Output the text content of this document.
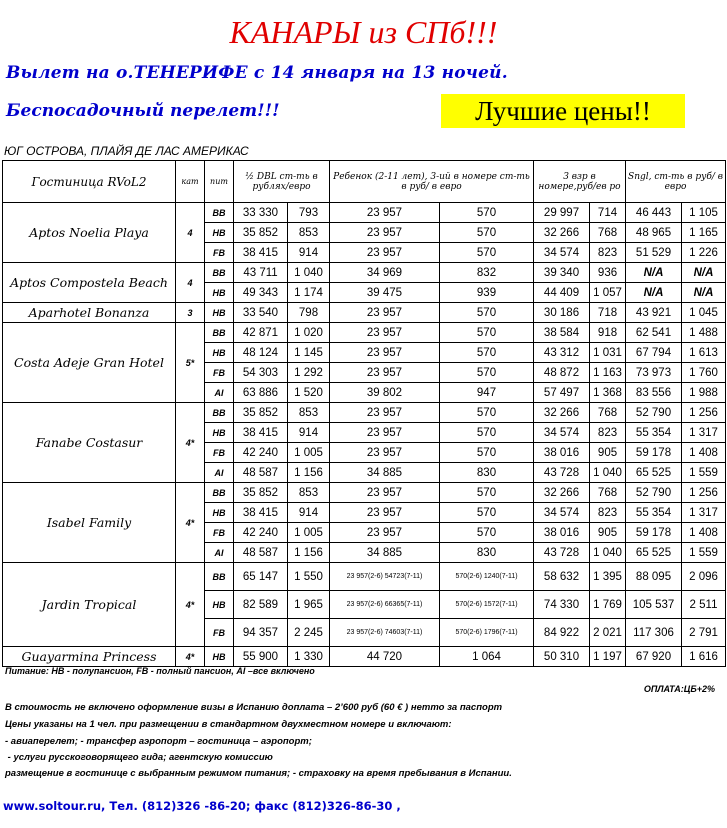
КАНАРЫ из СПб!!!
Вылет на о.ТЕНЕРИФЕ с 14 января на 13 ночей.
Беспосадочный перелет!!!	Лучшие цены!!
ЮГ ОСТРОВА, ПЛАЙЯ ДЕ ЛАС АМЕРИКАС
Гостиница RVoL2	кат	пит	½ DBL ст-ть в рублях/евро		Ребенок (2-11 лет), 3-ий в номере ст-ть в руб/ в евро		3 взр в номере,руб/ев ро		Sngl, ст-ть в руб/ в евро	
Aptos Noelia Playa	4	BB	33 330	793	23 957	570	29 997	714	46 443	1 105
		HB	35 852	853	23 957	570	32 266	768	48 965	1 165
		FB	38 415	914	23 957	570	34 574	823	51 529	1 226
Aptos Compostela Beach	4	BB	43 711	1 040	34 969	832	39 340	936	N/A	N/A
		HB	49 343	1 174	39 475	939	44 409	1 057	N/A	N/A
Aparhotel Bonanza	3	HB	33 540	798	23 957	570	30 186	718	43 921	1 045
Costa Adeje Gran Hotel	5*	BB	42 871	1 020	23 957	570	38 584	918	62 541	1 488
		HB	48 124	1 145	23 957	570	43 312	1 031	67 794	1 613
		FB	54 303	1 292	23 957	570	48 872	1 163	73 973	1 760
		AI	63 886	1 520	39 802	947	57 497	1 368	83 556	1 988
Fanabe Costasur	4*	BB	35 852	853	23 957	570	32 266	768	52 790	1 256
		HB	38 415	914	23 957	570	34 574	823	55 354	1 317
		FB	42 240	1 005	23 957	570	38 016	905	59 178	1 408
		AI	48 587	1 156	34 885	830	43 728	1 040	65 525	1 559
Isabel Family	4*	BB	35 852	853	23 957	570	32 266	768	52 790	1 256
		HB	38 415	914	23 957	570	34 574	823	55 354	1 317
		FB	42 240	1 005	23 957	570	38 016	905	59 178	1 408
		AI	48 587	1 156	34 885	830	43 728	1 040	65 525	1 559
Jardin Tropical	4*	BB	65 147	1 550	23 957(2-6) 54723(7-11)	570(2-6) 1240(7-11)	58 632	1 395	88 095	2 096
		HB	82 589	1 965	23 957(2-6) 66365(7-11)	570(2-6) 1572(7-11)	74 330	1 769	105 537	2 511
		FB	94 357	2 245	23 957(2-6) 74603(7-11)	570(2-6) 1796(7-11)	84 922	2 021	117 306	2 791
Guayarmina Princess	4*	HB	55 900	1 330	44 720	1 064	50 310	1 197	67 920	1 616
Питание: HB - полупансион, FB - полный пансион, AI –все включено
ОПЛАТА:ЦБ+2%
В стоимость не включено оформление визы в Испанию доплата – 2’600 руб (60 € ) нетто за паспорт
Цены указаны на 1 чел. при размещении в стандартном двухместном номере и включают:
- авиаперелет; - трансфер аэропорт – гостиница – аэропорт;
- услуги русскоговорящего гида; агентскую комиссию
размещение в гостинице с выбранным режимом питания; - страховку на время пребывания в Испании.
www.soltour.ru, Тел. (812)326 -86-20; факс (812)326-86-30 ,
